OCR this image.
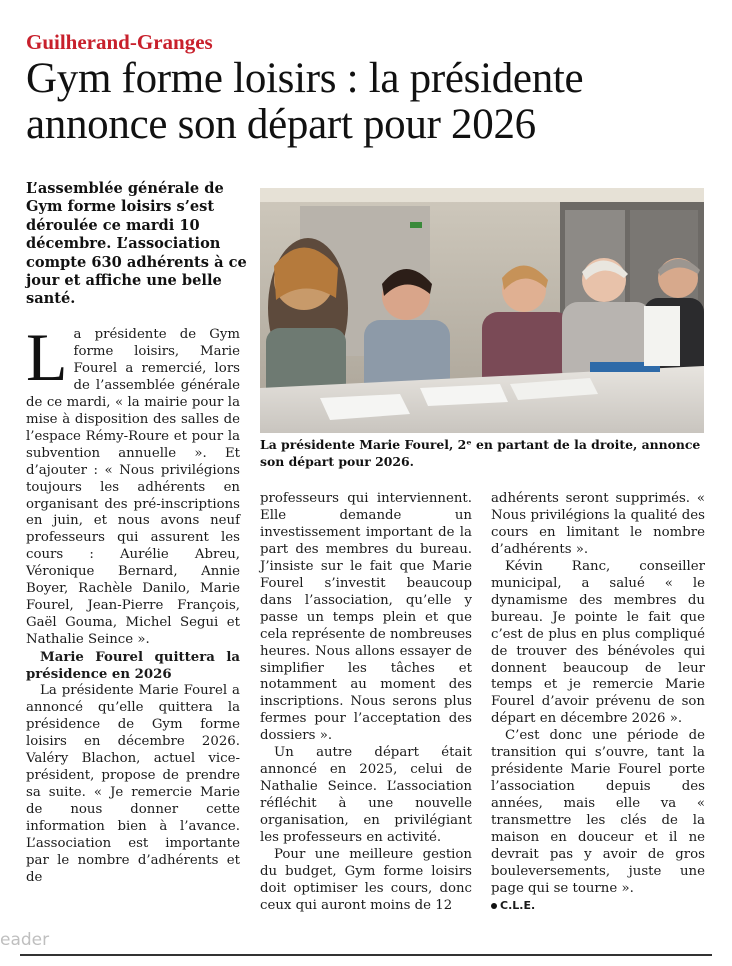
Guilherand-Granges
Gym forme loisirs : la présidente annonce son départ pour 2026
L’assemblée générale de Gym forme loisirs s’est déroulée ce mardi 10 décembre. L’association compte 630 adhérents à ce jour et affiche une belle santé.
La présidente Marie Fourel, 2ᵉ en partant de la droite, annonce son départ pour 2026.
L a présidente de Gym forme loisirs, Marie Fourel a remercié, lors de l’assemblée générale de ce mardi, « la mairie pour la mise à disposition des salles de l’espace Rémy-Roure et pour la subvention annuelle ». Et d’ajouter : « Nous privilégions toujours les adhérents en organisant des pré-inscriptions en juin, et nous avons neuf professeurs qui assurent les cours : Aurélie Abreu, Véronique Bernard, Annie Boyer, Rachèle Danilo, Marie Fourel, Jean-Pierre François, Gaël Gouma, Michel Segui et Nathalie Seince ».

Marie Fourel quittera la présidence en 2026

La présidente Marie Fourel a annoncé qu’elle quittera la présidence de Gym forme loisirs en décembre 2026. Valéry Blachon, actuel vice-président, propose de prendre sa suite. « Je remercie Marie de nous donner cette information bien à l’avance. L’association est importante par le nombre d’adhérents et de

professeurs qui interviennent. Elle demande un investissement important de la part des membres du bureau. J’insiste sur le fait que Marie Fourel s’investit beaucoup dans l’association, qu’elle y passe un temps plein et que cela représente de nombreuses heures. Nous allons essayer de simplifier les tâches et notamment au moment des inscriptions. Nous serons plus fermes pour l’acceptation des dossiers ».

Un autre départ était annoncé en 2025, celui de Nathalie Seince. L’association réfléchit à une nouvelle organisation, en privilégiant les professeurs en activité.

Pour une meilleure gestion du budget, Gym forme loisirs doit optimiser les cours, donc ceux qui auront moins de 12

adhérents seront supprimés. « Nous privilégions la qualité des cours en limitant le nombre d’adhérents ».

Kévin Ranc, conseiller municipal, a salué « le dynamisme des membres du bureau. Je pointe le fait que c’est de plus en plus compliqué de trouver des bénévoles qui donnent beaucoup de leur temps et je remercie Marie Fourel d’avoir prévenu de son départ en décembre 2026 ».

C’est donc une période de transition qui s’ouvre, tant la présidente Marie Fourel porte l’association depuis des années, mais elle va « transmettre les clés de la maison en douceur et il ne devrait pas y avoir de gros bouleversements, juste une page qui se tourne ».

C.L.E.

eader
